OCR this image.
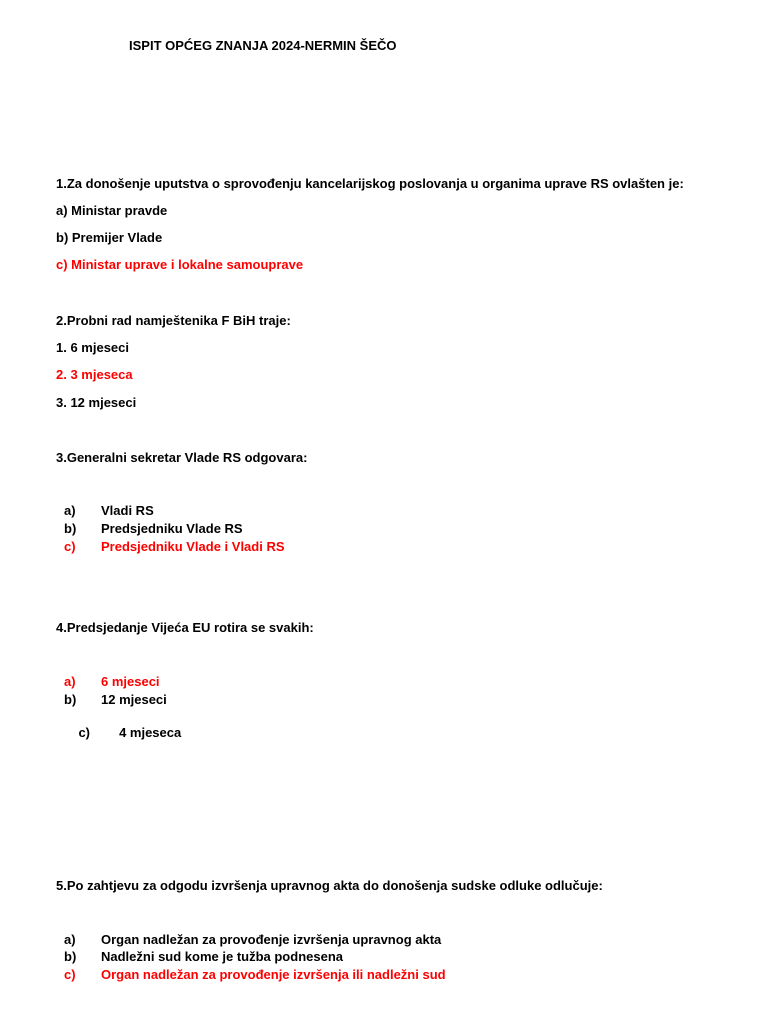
ISPIT OPĆEG ZNANJA 2024-NERMIN ŠEČO
1.Za donošenje uputstva o sprovođenju kancelarijskog poslovanja u organima uprave RS ovlašten je:
a) Ministar pravde
b) Premijer Vlade
c) Ministar uprave i lokalne samouprave
2.Probni rad namještenika F BiH traje:
1. 6 mjeseci
2. 3 mjeseca
3. 12 mjeseci
3.Generalni sekretar Vlade RS odgovara:
a) Vladi RS
b) Predsjedniku Vlade RS
c) Predsjedniku Vlade i Vladi RS
4.Predsjedanje Vijeća EU rotira se svakih:
a) 6 mjeseci
b) 12 mjeseci

c) 4 mjeseca

5.Po zahtjevu za odgodu izvršenja upravnog akta do donošenja sudske odluke odlučuje:
a) Organ nadležan za provođenje izvršenja upravnog akta
b) Nadležni sud kome je tužba podnesena
c) Organ nadležan za provođenje izvršenja ili nadležni sud
